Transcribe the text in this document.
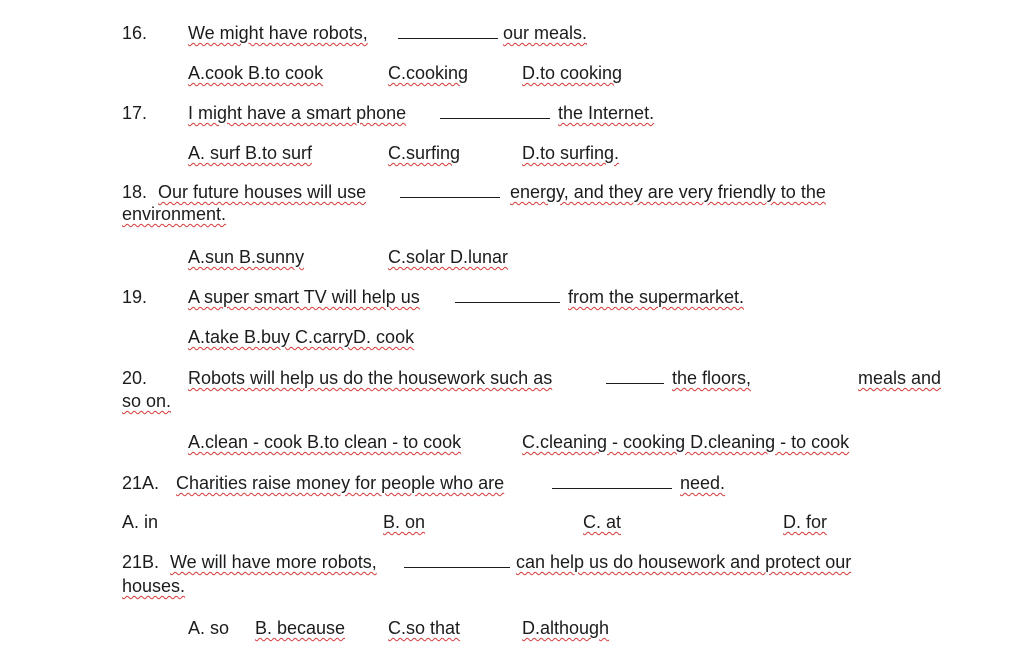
16. We might have robots,	our meals.
A.cook B.to cook	C.cooking	D.to cooking
17. I might have a smart phone	the Internet.
A. surf B.to surf	C.surfing	D.to surfing.
18. Our future houses will use	energy, and they are very friendly to the
environment.
A.sun B.sunny	C.solar D.lunar
19. A super smart TV will help us	from the supermarket.
A.take B.buy C.carryD. cook
20. Robots will help us do the housework such as	the floors,	meals and
so on.
A.clean - cook B.to clean - to cook	C.cleaning - cooking D.cleaning - to cook
21A. Charities raise money for people who are	need.
A. in	B. on	C. at	D. for
21B. We will have more robots,	can help us do housework and protect our
houses.
A. so B. because C.so that	D.although
